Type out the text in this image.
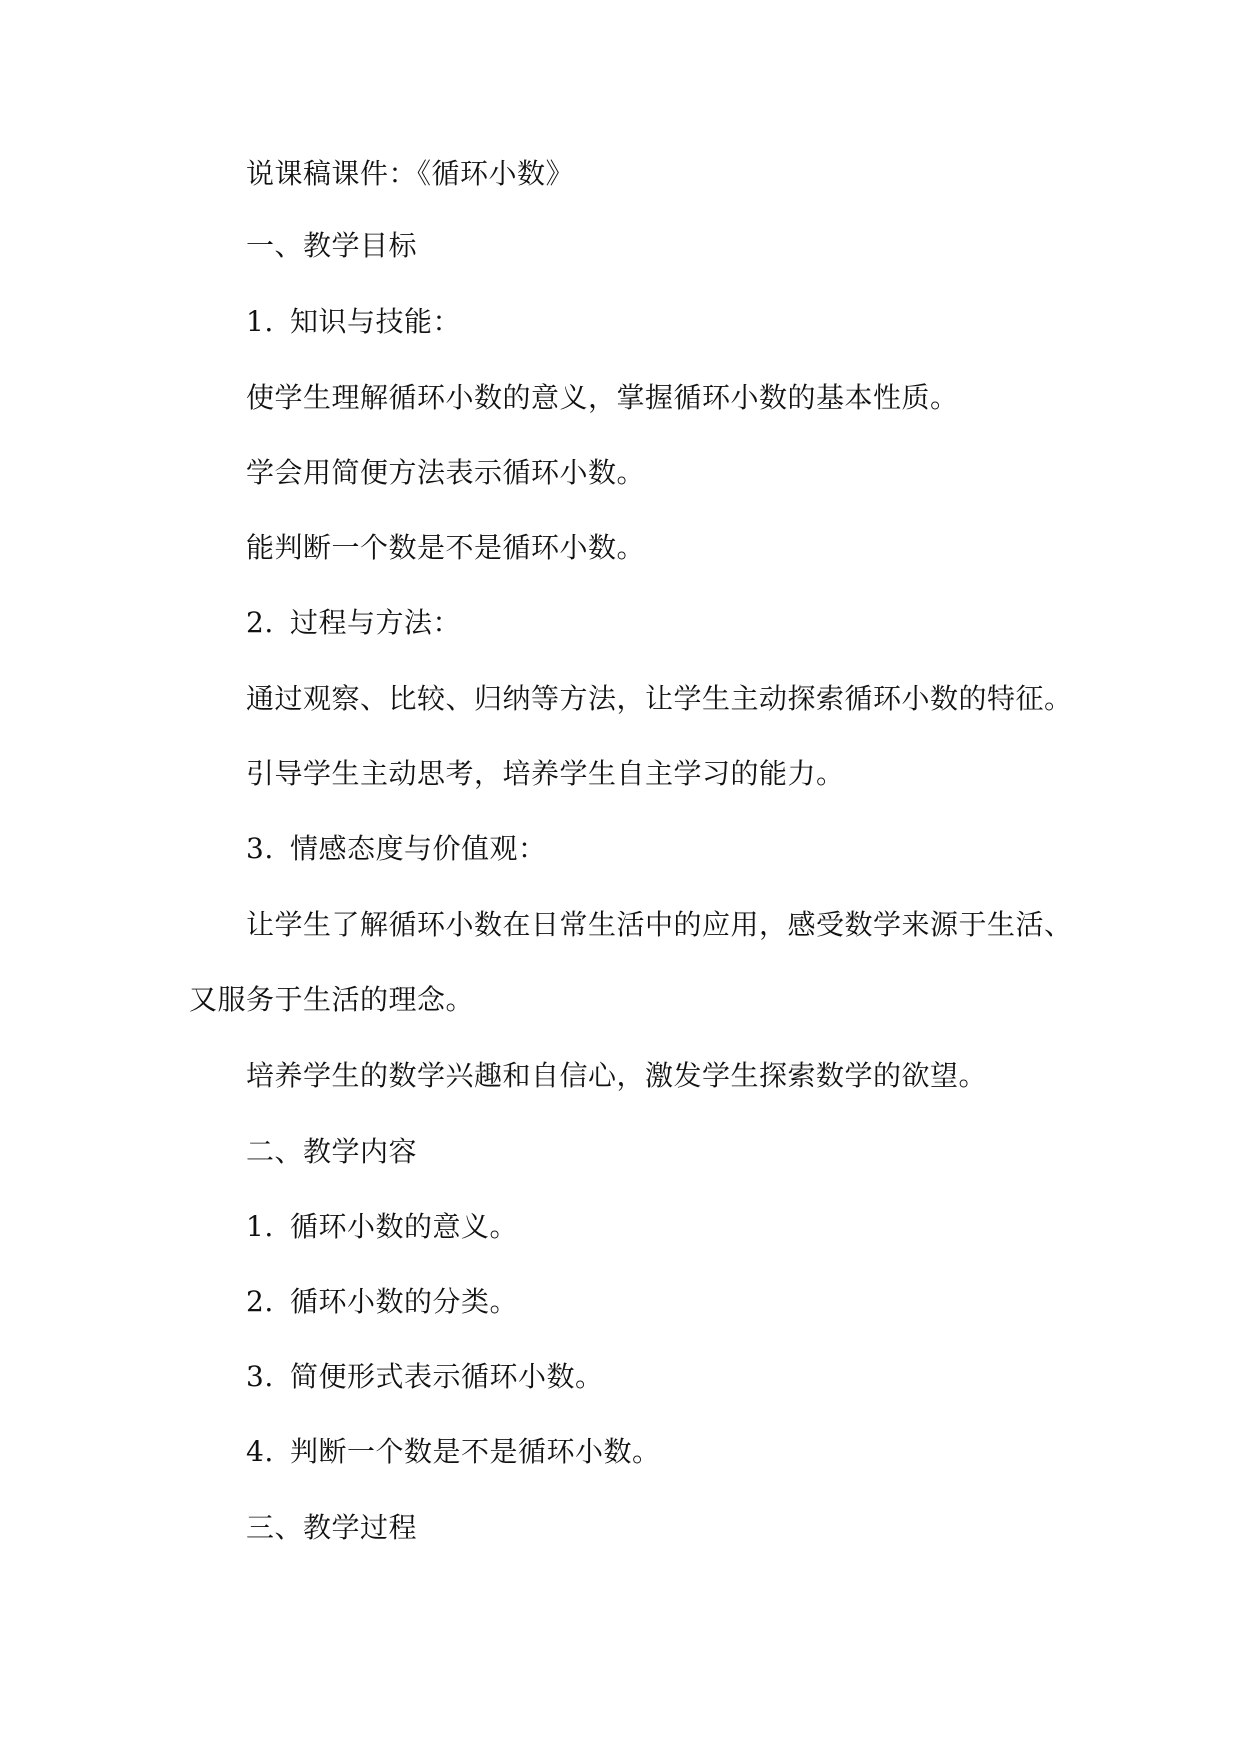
说课稿课件：《循环小数》
一、教学目标
1. 知识与技能：
使学生理解循环小数的意义，掌握循环小数的基本性质。
学会用简便方法表示循环小数。
能判断一个数是不是循环小数。
2. 过程与方法：
通过观察、比较、归纳等方法，让学生主动探索循环小数的特征。
引导学生主动思考，培养学生自主学习的能力。
3. 情感态度与价值观：
让学生了解循环小数在日常生活中的应用，感受数学来源于生活、
又服务于生活的理念。
培养学生的数学兴趣和自信心，激发学生探索数学的欲望。
二、教学内容
1. 循环小数的意义。
2. 循环小数的分类。
3. 简便形式表示循环小数。
4. 判断一个数是不是循环小数。
三、教学过程
